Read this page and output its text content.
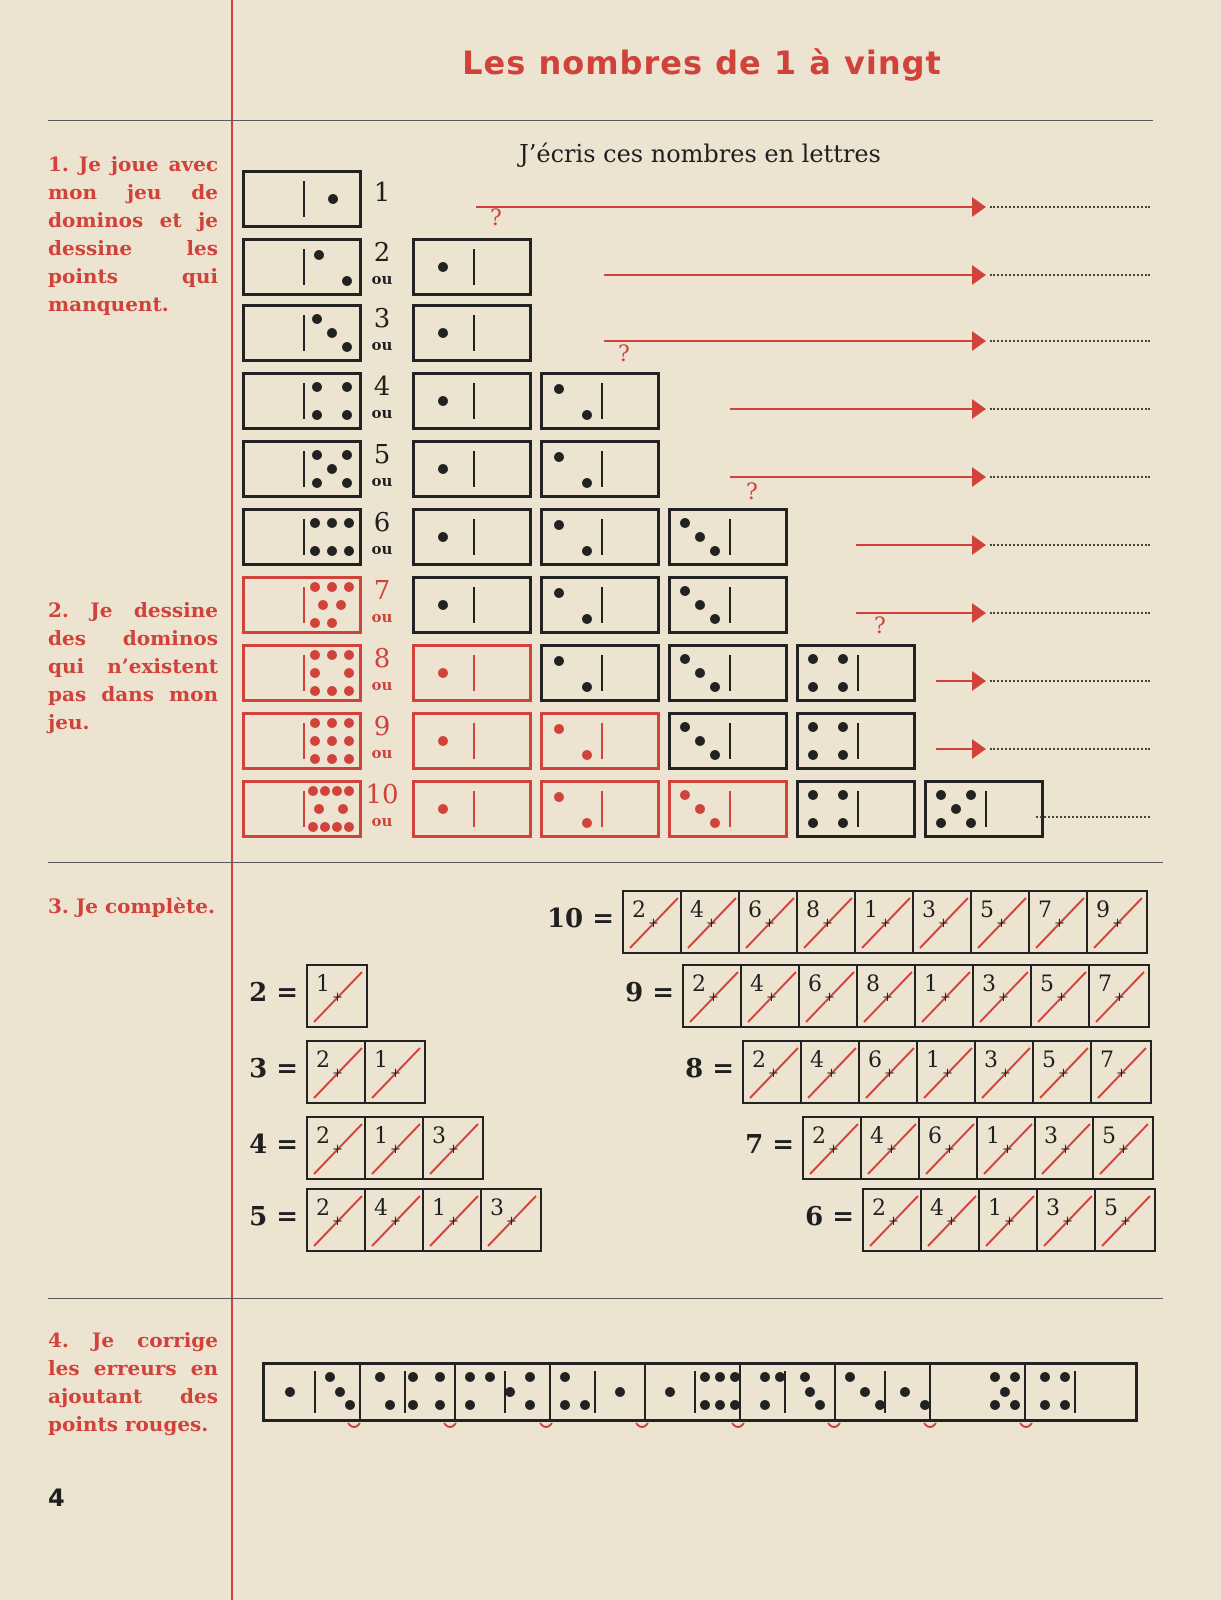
Les nombres de 1 à vingt
1. Je joue avec mon jeu de dominos et je dessine les points qui manquent.
2. Je dessine des dominos qui n’existent pas dans mon jeu.
3. Je complète.
4. Je corrige les erreurs en ajoutant des points rouges.
J’écris ces nombres en lettres
1
2
ou
3
ou
4
ou
5
ou
6
ou
7
ou
8
ou
9
ou
10
ou
?
?
?
?
2 = 1
+
3 = 2
+
1
+
4 = 2
+
1
+
3
+
5 = 2
+
4
+
1
+
3
+
10 = 2
+
4
+
6
+
8
+
1
+
3
+
5
+
7
+
9
+
9 = 2
+
4
+
6
+
8
+
1
+
3
+
5
+
7
+
8 = 2
+
4
+
6
+
1
+
3
+
5
+
7
+
7 = 2
+
4
+
6
+
1
+
3
+
5
+
6 = 2
+
4
+
1
+
3
+
5
+
4
